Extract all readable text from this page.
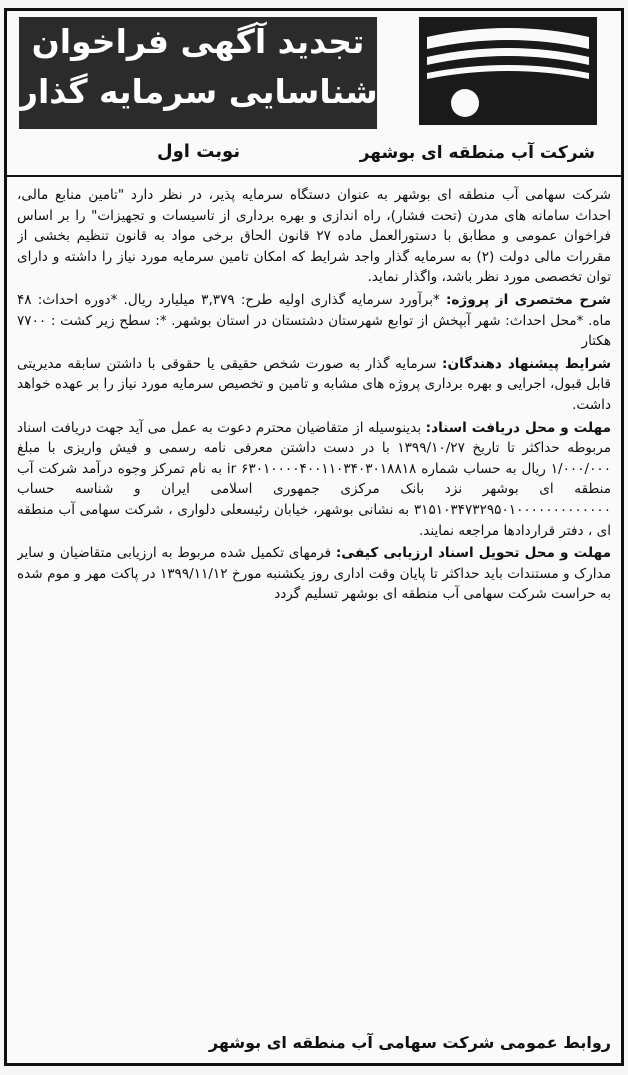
تجدید آگهی فراخوان
شناسایی سرمایه گذار
نوبت اول	شرکت آب منطقه ای بوشهر

شرکت سهامی آب منطقه ای بوشهر به عنوان دستگاه سرمایه پذیر، در نظر دارد "تامین منابع مالی، احداث سامانه های مدرن (تحت فشار)، راه اندازی و بهره برداری از تاسیسات و تجهیزات" را بر اساس فراخوان عمومی و مطابق با دستورالعمل ماده ۲۷ قانون الحاق برخی مواد به قانون تنظیم بخشی از مقررات مالی دولت (۲) به سرمایه گذار واجد شرایط که امکان تامین سرمایه مورد نیاز را داشته و دارای توان تخصصی مورد نظر باشد، واگذار نماید.

شرح مختصری از پروژه: *برآورد سرمایه گذاری اولیه طرح: ۳,۳۷۹ میلیارد ریال. *دوره احداث: ۴۸ ماه. *محل احداث: شهر آبپخش از توابع شهرستان دشتستان در استان بوشهر. *: سطح زیر کشت : ۷۷۰۰ هکتار

شرایط پیشنهاد دهندگان: سرمایه گذار به صورت شخص حقیقی یا حقوقی با داشتن سابقه مدیریتی قابل قبول، اجرایی و بهره برداری پروژه های مشابه و تامین و تخصیص سرمایه مورد نیاز را بر عهده خواهد داشت.

مهلت و محل دریافت اسناد: بدینوسیله از متقاضیان محترم دعوت به عمل می آید جهت دریافت اسناد مربوطه حداکثر تا تاریخ ۱۳۹۹/۱۰/۲۷ با در دست داشتن معرفی نامه رسمی و فیش واریزی با مبلغ ۱/۰۰۰/۰۰۰ ریال به حساب شماره ir ۶۳۰۱۰۰۰۰۴۰۰۱۱۰۳۴۰۳۰۱۸۸۱۸ به نام تمرکز وجوه درآمد شرکت آب منطقه ای بوشهر نزد بانک مرکزی جمهوری اسلامی ایران و شناسه حساب ۳۱۵۱۰۳۴۷۳۲۹۵۰۱۰۰۰۰۰۰۰۰۰۰۰۰۰ به نشانی بوشهر، خیابان رئیسعلی دلواری ، شرکت سهامی آب منطقه ای ، دفتر قراردادها مراجعه نمایند.

مهلت و محل تحویل اسناد ارزیابی کیفی: فرمهای تکمیل شده مربوط به ارزیابی متقاضیان و سایر مدارک و مستندات باید حداکثر تا پایان وقت اداری روز یکشنبه مورخ ۱۳۹۹/۱۱/۱۲ در پاکت مهر و موم شده به حراست شرکت سهامی آب منطقه ای بوشهر تسلیم گردد

روابط عمومی شرکت سهامی آب منطقه ای بوشهر
